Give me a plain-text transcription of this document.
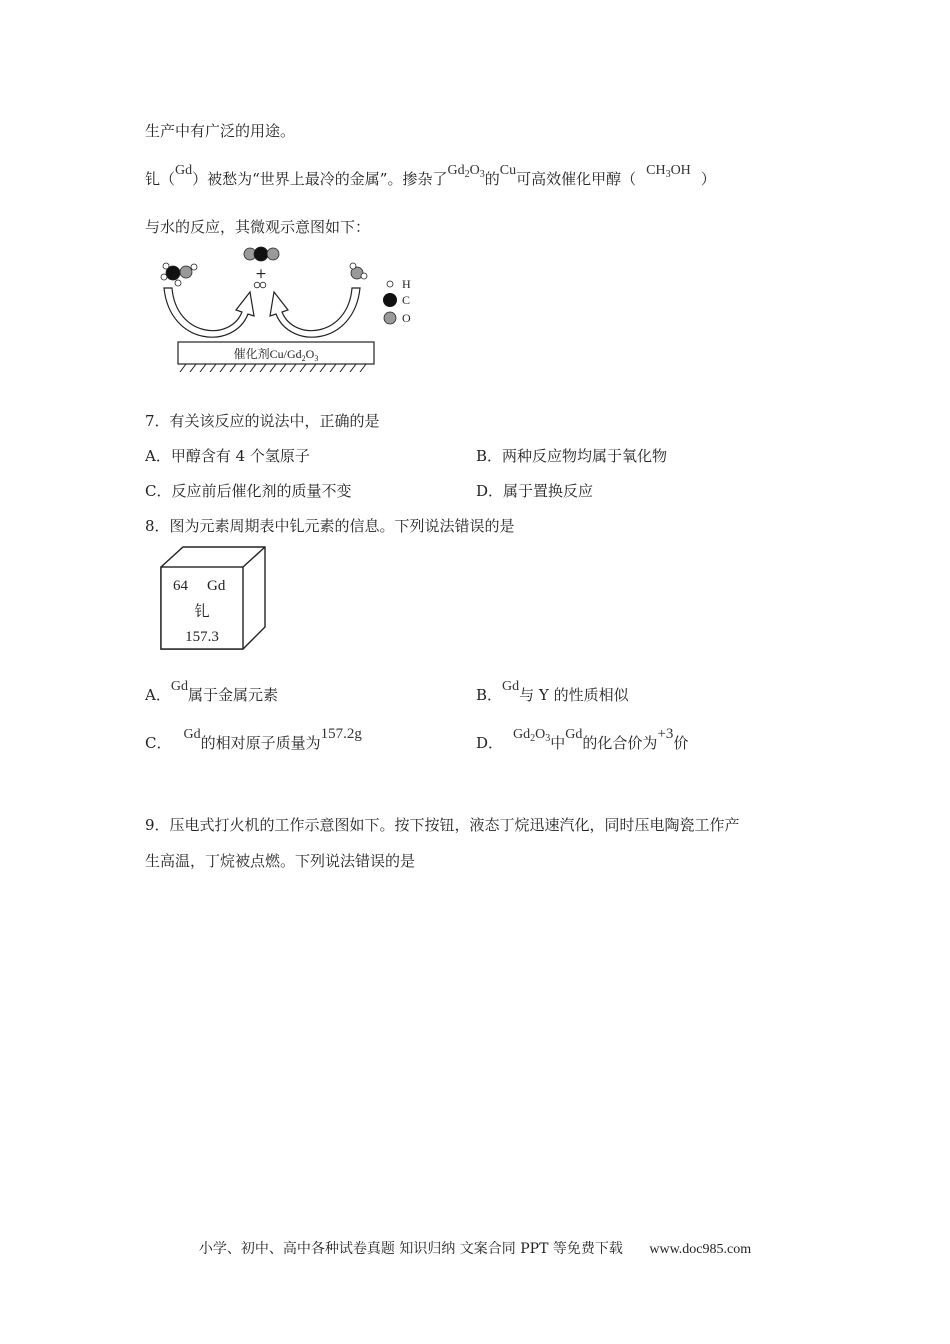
生产中有广泛的用途。
钆（Gd）被愁为“世界上最冷的金属”。掺杂了$Gd_2O_3$的Cu可高效催化甲醇（ $CH_3OH$ ）
与水的反应，其微观示意图如下：
催化剂$Cu/Gd_2O_3$
+
H
C
O
7．有关该反应的说法中，正确的是
A．甲醇含有 4 个氢原子	B．两种反应物均属于氧化物
C．反应前后催化剂的质量不变	D．属于置换反应
8．图为元素周期表中钆元素的信息。下列说法错误的是
64 Gd
钆
157.3
A．Gd属于金属元素	B．Gd与 Y 的性质相似
C． Gd的相对原子质量为157.2g	D． $Gd_2O_3$中Gd的化合价为+3价
9．压电式打火机的工作示意图如下。按下按钮，液态丁烷迅速汽化，同时压电陶瓷工作产
生高温，丁烷被点燃。下列说法错误的是
小学、初中、高中各种试卷真题 知识归纳 文案合同 PPT 等免费下载 www.doc985.com
